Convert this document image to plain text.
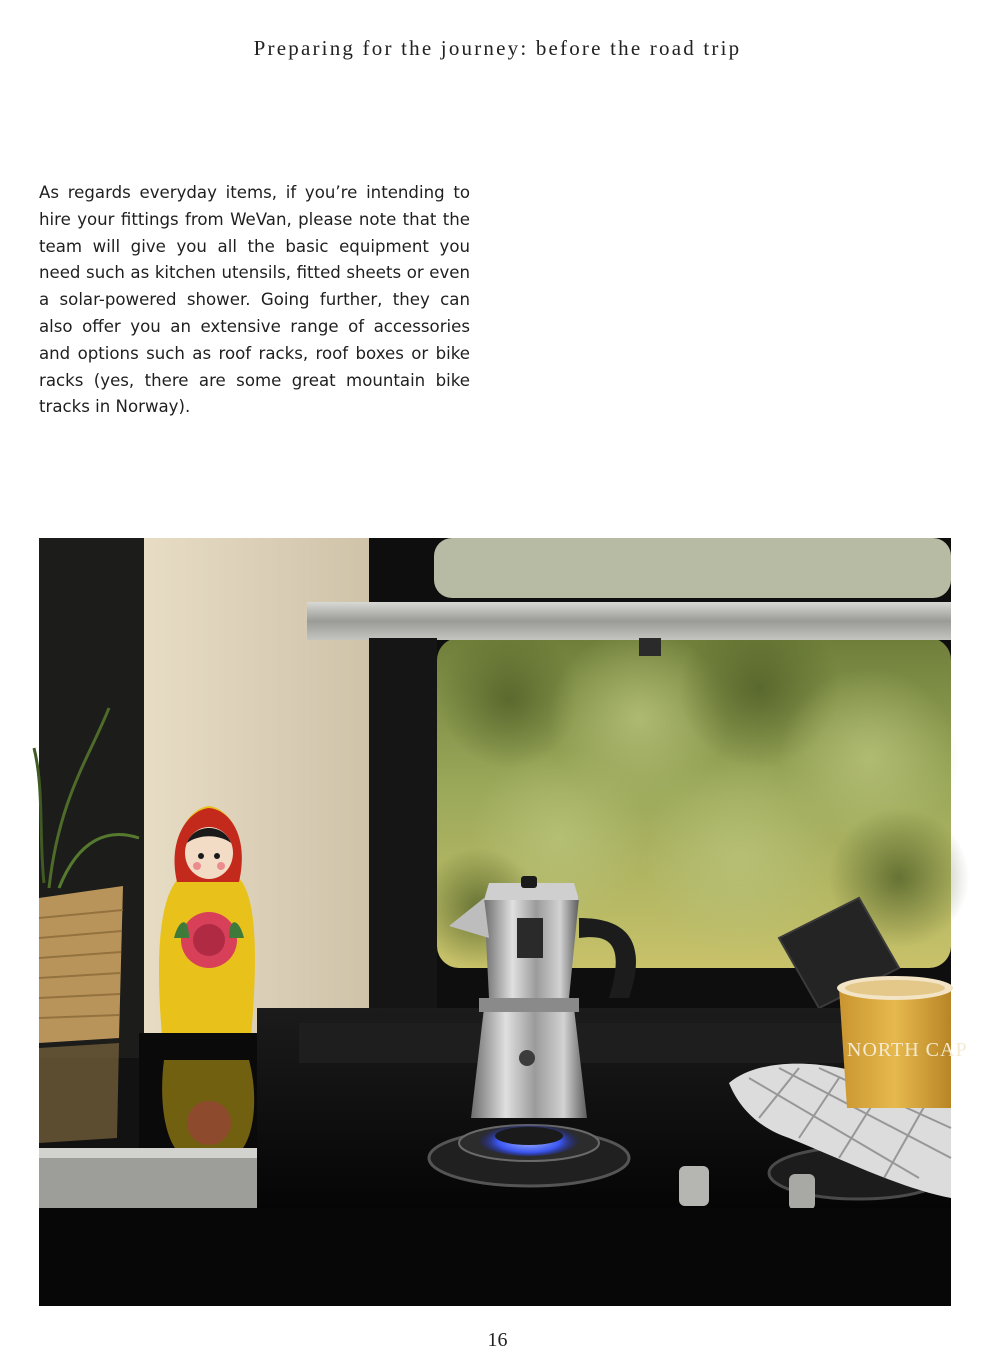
Preparing for the journey: before the road trip

As regards everyday items, if you’re intending to hire your fittings from WeVan, please note that the team will give you all the basic equipment you need such as kitchen utensils, fitted sheets or even a solar-powered shower. Going further, they can also offer you an extensive range of accessories and options such as roof racks, roof boxes or bike racks (yes, there are some great mountain bike tracks in Norway).

NORTH CAP
16
